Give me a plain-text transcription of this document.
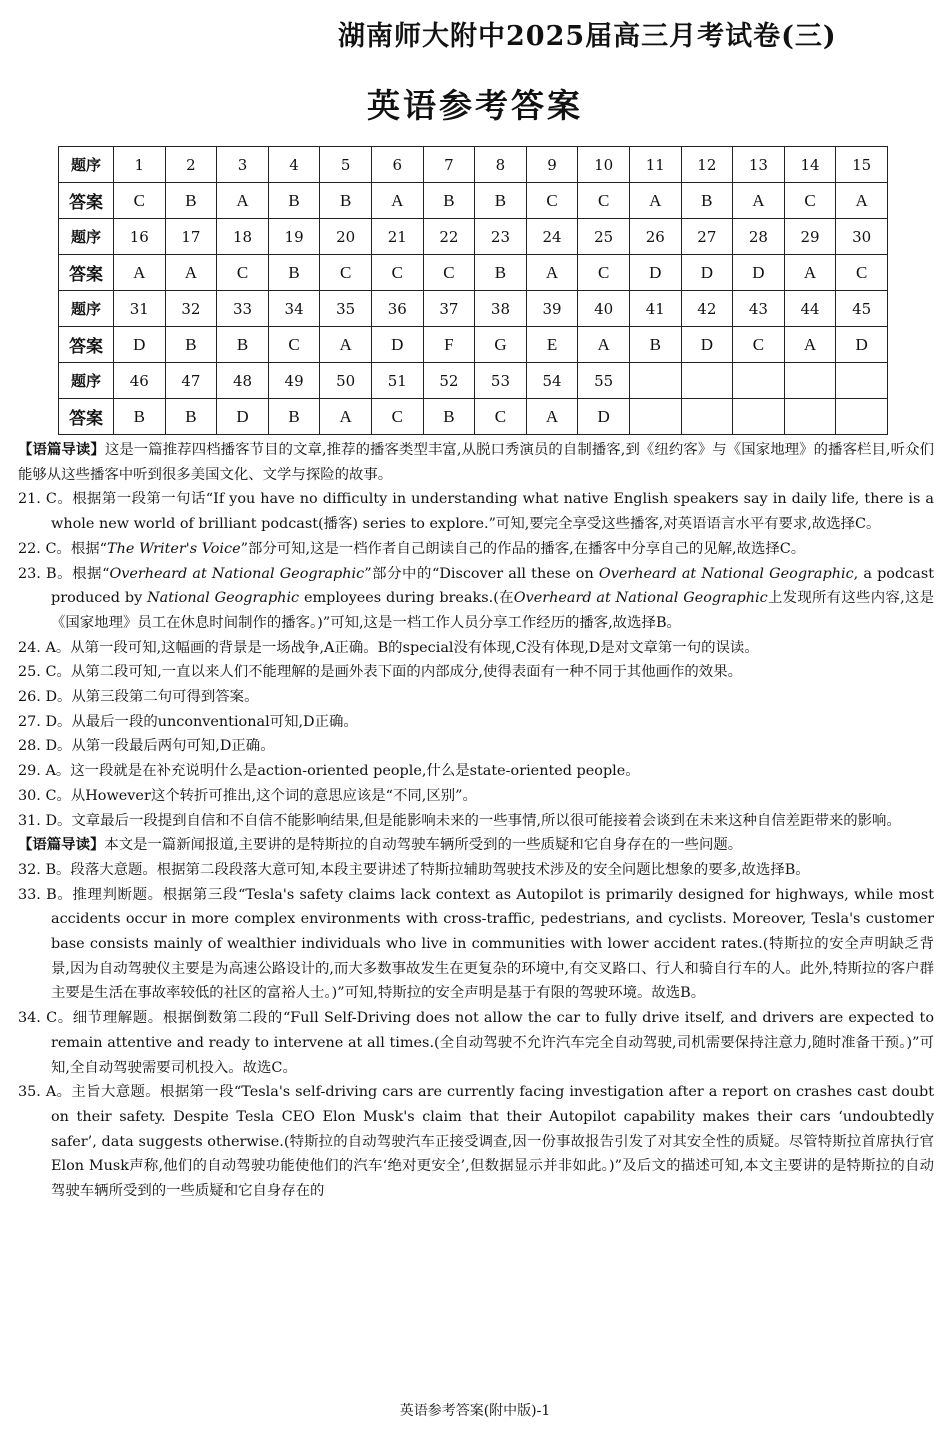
湖南师大附中2025届高三月考试卷(三)
英语参考答案
题序	1	2	3	4	5	6	7	8	9	10	11	12	13	14	15
答案	C	B	A	B	B	A	B	B	C	C	A	B	A	C	A
题序	16	17	18	19	20	21	22	23	24	25	26	27	28	29	30
答案	A	A	C	B	C	C	C	B	A	C	D	D	D	A	C
题序	31	32	33	34	35	36	37	38	39	40	41	42	43	44	45
答案	D	B	B	C	A	D	F	G	E	A	B	D	C	A	D
题序	46	47	48	49	50	51	52	53	54	55					
答案	B	B	D	B	A	C	B	C	A	D					

【语篇导读】这是一篇推荐四档播客节目的文章,推荐的播客类型丰富,从脱口秀演员的自制播客,到《纽约客》与《国家地理》的播客栏目,听众们能够从这些播客中听到很多美国文化、文学与探险的故事。

21. C。根据第一段第一句话“If you have no difficulty in understanding what native English speakers say in daily life, there is a whole new world of brilliant podcast(播客) series to explore.”可知,要完全享受这些播客,对英语语言水平有要求,故选择C。

22. C。根据“The Writer's Voice”部分可知,这是一档作者自己朗读自己的作品的播客,在播客中分享自己的见解,故选择C。

23. B。根据“Overheard at National Geographic”部分中的“Discover all these on Overheard at National Geographic, a podcast produced by National Geographic employees during breaks.(在Overheard at National Geographic上发现所有这些内容,这是《国家地理》员工在休息时间制作的播客。)”可知,这是一档工作人员分享工作经历的播客,故选择B。

24. A。从第一段可知,这幅画的背景是一场战争,A正确。B的special没有体现,C没有体现,D是对文章第一句的误读。

25. C。从第二段可知,一直以来人们不能理解的是画外表下面的内部成分,使得表面有一种不同于其他画作的效果。

26. D。从第三段第二句可得到答案。

27. D。从最后一段的unconventional可知,D正确。

28. D。从第一段最后两句可知,D正确。

29. A。这一段就是在补充说明什么是action-oriented people,什么是state-oriented people。

30. C。从However这个转折可推出,这个词的意思应该是“不同,区别”。

31. D。文章最后一段提到自信和不自信不能影响结果,但是能影响未来的一些事情,所以很可能接着会谈到在未来这种自信差距带来的影响。

【语篇导读】本文是一篇新闻报道,主要讲的是特斯拉的自动驾驶车辆所受到的一些质疑和它自身存在的一些问题。

32. B。段落大意题。根据第二段段落大意可知,本段主要讲述了特斯拉辅助驾驶技术涉及的安全问题比想象的要多,故选择B。

33. B。推理判断题。根据第三段“Tesla's safety claims lack context as Autopilot is primarily designed for highways, while most accidents occur in more complex environments with cross-traffic, pedestrians, and cyclists. Moreover, Tesla's customer base consists mainly of wealthier individuals who live in communities with lower accident rates.(特斯拉的安全声明缺乏背景,因为自动驾驶仪主要是为高速公路设计的,而大多数事故发生在更复杂的环境中,有交叉路口、行人和骑自行车的人。此外,特斯拉的客户群主要是生活在事故率较低的社区的富裕人士。)”可知,特斯拉的安全声明是基于有限的驾驶环境。故选B。

34. C。细节理解题。根据倒数第二段的“Full Self-Driving does not allow the car to fully drive itself, and drivers are expected to remain attentive and ready to intervene at all times.(全自动驾驶不允许汽车完全自动驾驶,司机需要保持注意力,随时准备干预。)”可知,全自动驾驶需要司机投入。故选C。

35. A。主旨大意题。根据第一段“Tesla's self-driving cars are currently facing investigation after a report on crashes cast doubt on their safety. Despite Tesla CEO Elon Musk's claim that their Autopilot capability makes their cars ‘undoubtedly safer’, data suggests otherwise.(特斯拉的自动驾驶汽车正接受调查,因一份事故报告引发了对其安全性的质疑。尽管特斯拉首席执行官Elon Musk声称,他们的自动驾驶功能使他们的汽车‘绝对更安全’,但数据显示并非如此。)”及后文的描述可知,本文主要讲的是特斯拉的自动驾驶车辆所受到的一些质疑和它自身存在的

英语参考答案(附中版)-1
